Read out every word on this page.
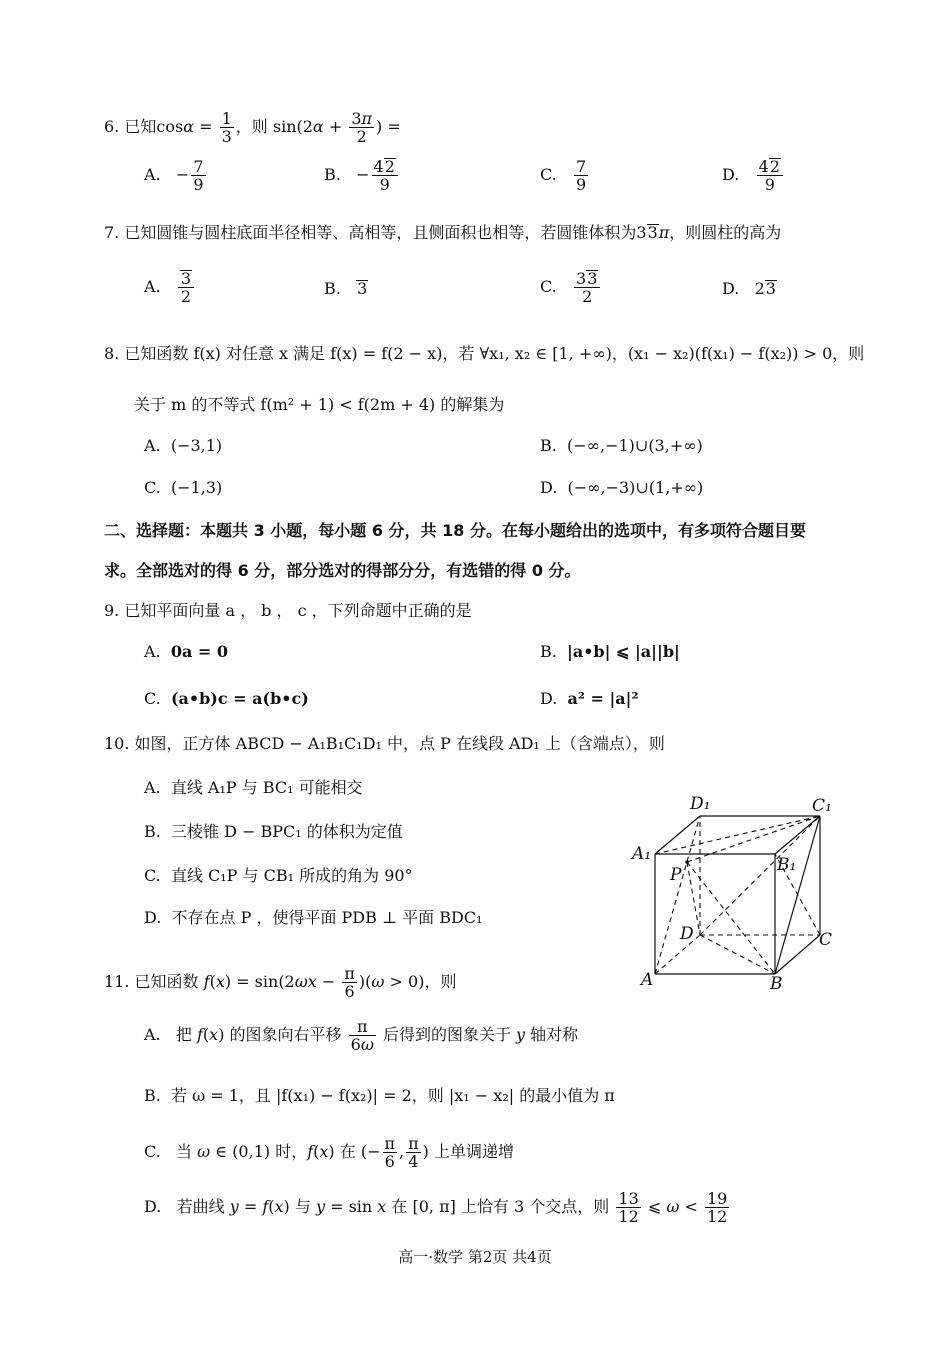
6. 已知$\cos\alpha = \frac{1}{3}$ ，则 $\sin(2\alpha + \frac{3\pi}{2}$ ) =
A.   − $\frac{7}{9}$	B.   − $\frac{42}{9}$	C. $\frac{7}{9}$	D. $\frac{42}{9}$
7. 已知圆锥与圆柱底面半径相等、高相等，且侧面积也相等，若圆锥体积为33π，则圆柱的高为
A. $\frac{3}{2}$	B. 3	C. $\frac{33}{2}$	D.   23
8. 已知函数 f(x) 对任意 x 满足 f(x) = f(2 − x)，若 ∀x₁, x₂ ∈ [1, +∞)，(x₁ − x₂)(f(x₁) − f(x₂)) > 0，则
关于 m 的不等式 f(m² + 1) < f(2m + 4) 的解集为
A. (−3,1)	B. (−∞,−1)∪(3,+∞)
C. (−1,3)	D. (−∞,−3)∪(1,+∞)
二、选择题：本题共 3 小题，每小题 6 分，共 18 分。在每小题给出的选项中，有多项符合题目要
求。全部选对的得 6 分，部分选对的得部分分，有选错的得 0 分。
9. 已知平面向量 a ， b ， c ，下列命题中正确的是
A. 0a = 0	B. |a•b| ⩽ |a||b|
C. (a•b)c = a(b•c)	D. a² = |a|²
10. 如图，正方体 ABCD − A₁B₁C₁D₁ 中，点 P 在线段 AD₁ 上（含端点），则
A. 直线 A₁P 与 BC₁ 可能相交
B. 三棱锥 D − BPC₁ 的体积为定值
C. 直线 C₁P 与 CB₁ 所成的角为 90°
D. 不存在点 P ，使得平面 PDB ⊥ 平面 BDC₁
D₁	C₁
A₁
B₁
P
D	C
A	B
11. 已知函数 $f(x) = \sin(2\omega x - \frac{\pi}{6} )(\omega > 0)$，则
A.   把 f(x) 的图象向右平移 $\frac{\pi}{6\omega}$ 后得到的图象关于 y 轴对称
B. 若 ω = 1，且 |f(x₁) − f(x₂)| = 2，则 |x₁ − x₂| 的最小值为 π
C.   当 ω ∈ (0,1) 时，f(x) 在 (− $\frac{\pi}{6}$ , $\frac{\pi}{4}$ ) 上单调递增
D.   若曲线 y = f(x) 与 y = sin x 在 [0, π] 上恰有 3 个交点，则 $\frac{13}{12}$ ⩽ $\omega < \frac{19}{12}$
高一·数学 第2页 共4页
